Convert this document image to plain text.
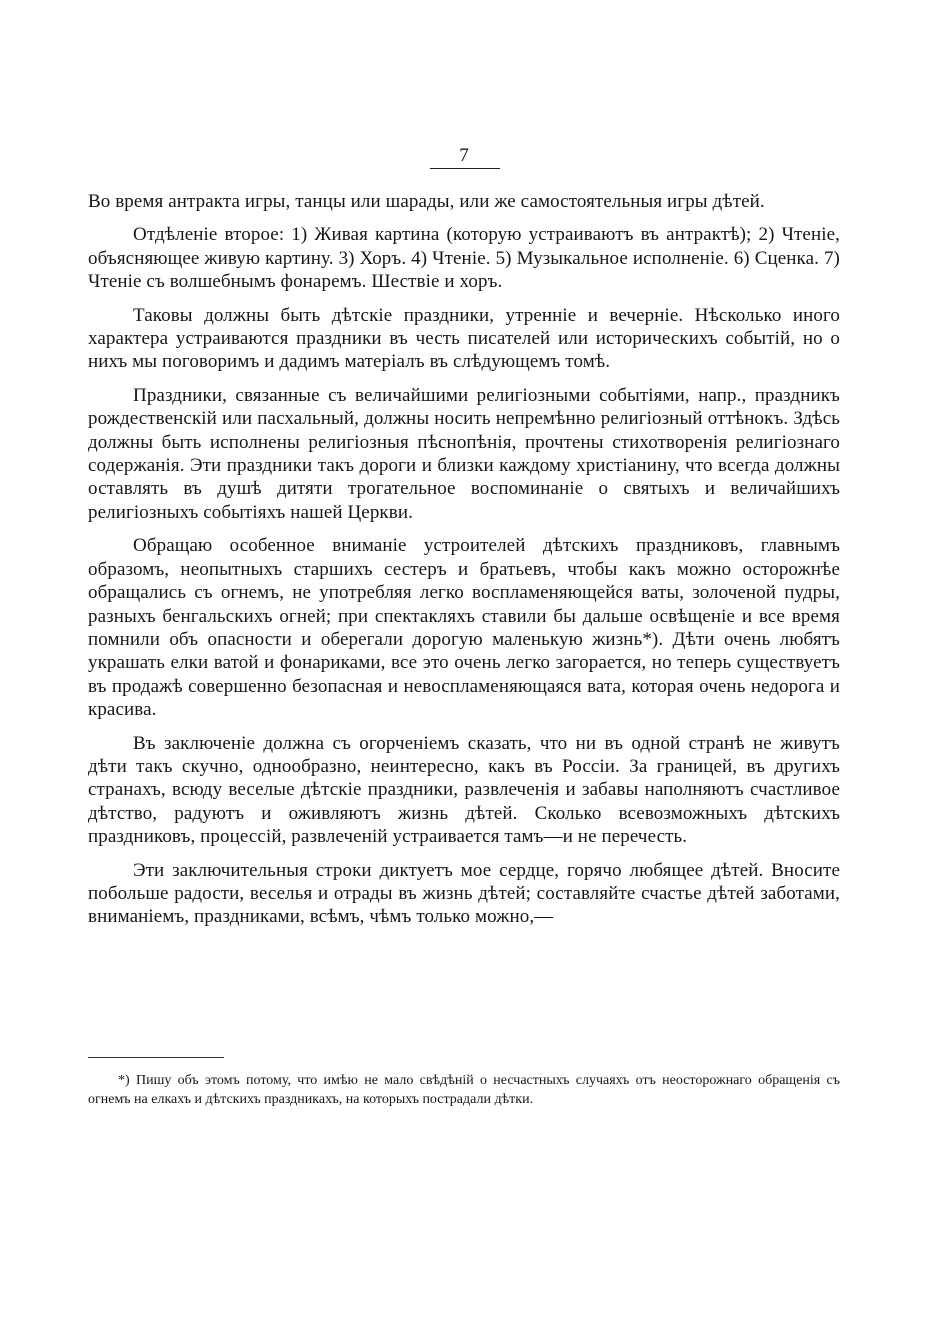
7

Во время антракта игры, танцы или шарады, или же самостоятельныя игры дѣтей.

Отдѣленiе второе: 1) Живая картина (которую устраиваютъ въ антрактѣ); 2) Чтенiе, объясняющее живую картину. 3) Хоръ. 4) Чтенiе. 5) Музыкальное исполненiе. 6) Сценка. 7) Чтенiе съ волшебнымъ фонаремъ. Шествiе и хоръ.

Таковы должны быть дѣтскiе праздники, утреннiе и вечернiе. Нѣсколько иного характера устраиваются праздники въ честь писателей или историческихъ событiй, но о нихъ мы поговоримъ и дадимъ матерiалъ въ слѣдующемъ томѣ.

Праздники, связанные съ величайшими религiозными событiями, напр., праздникъ рождественскiй или пасхальный, должны носить непремѣнно религiозный оттѣнокъ. Здѣсь должны быть исполнены религiозныя пѣснопѣнiя, прочтены стихотворенiя религiознаго содержанiя. Эти праздники такъ дороги и близки каждому христiанину, что всегда должны оставлять въ душѣ дитяти трогательное воспоминанiе о святыхъ и величайшихъ религiозныхъ событiяхъ нашей Церкви.

Обращаю особенное вниманiе устроителей дѣтскихъ праздниковъ, главнымъ образомъ, неопытныхъ старшихъ сестеръ и братьевъ, чтобы какъ можно осторожнѣе обращались съ огнемъ, не употребляя легко воспламеняющейся ваты, золоченой пудры, разныхъ бенгальскихъ огней; при спектакляхъ ставили бы дальше освѣщенiе и все время помнили объ опасности и оберегали дорогую маленькую жизнь*). Дѣти очень любятъ украшать елки ватой и фонариками, все это очень легко загорается, но теперь существуетъ въ продажѣ совершенно безопасная и невоспламеняющаяся вата, которая очень недорога и красива.

Въ заключенiе должна съ огорченiемъ сказать, что ни въ одной странѣ не живутъ дѣти такъ скучно, однообразно, неинтересно, какъ въ Россiи. За границей, въ другихъ странахъ, всюду веселые дѣтскiе праздники, развлеченiя и забавы наполняютъ счастливое дѣтство, радуютъ и оживляютъ жизнь дѣтей. Сколько всевозможныхъ дѣтскихъ праздниковъ, процессiй, развлеченiй устраивается тамъ—и не перечесть.

Эти заключительныя строки диктуетъ мое сердце, горячо любящее дѣтей. Вносите побольше радости, веселья и отрады въ жизнь дѣтей; составляйте счастье дѣтей заботами, вниманiемъ, праздниками, всѣмъ, чѣмъ только можно,—

*) Пишу объ этомъ потому, что имѣю не мало свѣдѣнiй о несчастныхъ случаяхъ отъ неосторожнаго обращенiя съ огнемъ на елкахъ и дѣтскихъ праздникахъ, на которыхъ пострадали дѣтки.
